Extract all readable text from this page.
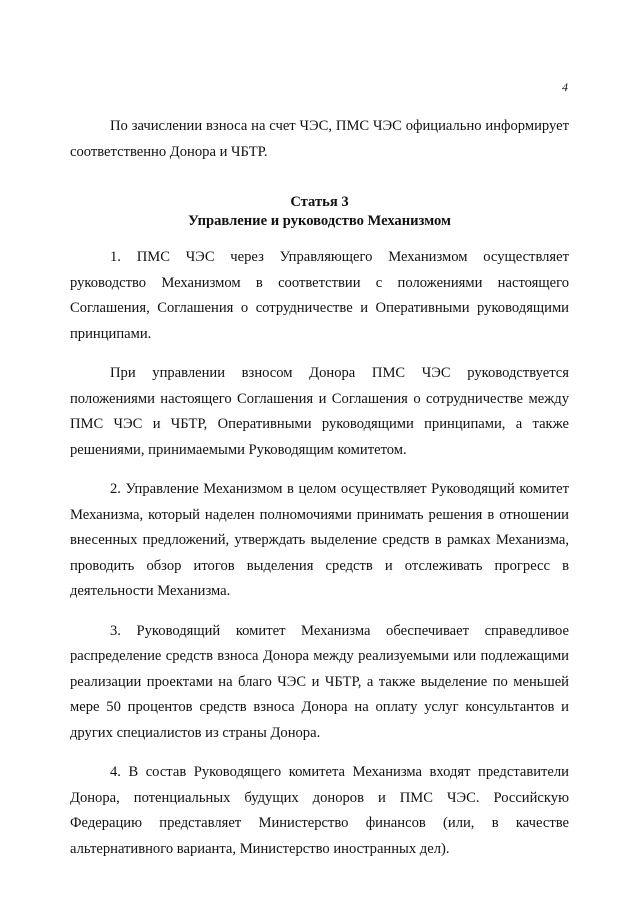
4

По зачислении взноса на счет ЧЭС, ПМС ЧЭС официально информирует соответственно Донора и ЧБТР.

Статья 3

Управление и руководство Механизмом

1. ПМС ЧЭС через Управляющего Механизмом осуществляет руководство Механизмом в соответствии с положениями настоящего Соглашения, Соглашения о сотрудничестве и Оперативными руководящими принципами.

При управлении взносом Донора ПМС ЧЭС руководствуется положениями настоящего Соглашения и Соглашения о сотрудничестве между ПМС ЧЭС и ЧБТР, Оперативными руководящими принципами, а также решениями, принимаемыми Руководящим комитетом.

2. Управление Механизмом в целом осуществляет Руководящий комитет Механизма, который наделен полномочиями принимать решения в отношении внесенных предложений, утверждать выделение средств в рамках Механизма, проводить обзор итогов выделения средств и отслеживать прогресс в деятельности Механизма.

3. Руководящий комитет Механизма обеспечивает справедливое распределение средств взноса Донора между реализуемыми или подлежащими реализации проектами на благо ЧЭС и ЧБТР, а также выделение по меньшей мере 50 процентов средств взноса Донора на оплату услуг консультантов и других специалистов из страны Донора.

4. В состав Руководящего комитета Механизма входят представители Донора, потенциальных будущих доноров и ПМС ЧЭС. Российскую Федерацию представляет Министерство финансов (или, в качестве альтернативного варианта, Министерство иностранных дел).
